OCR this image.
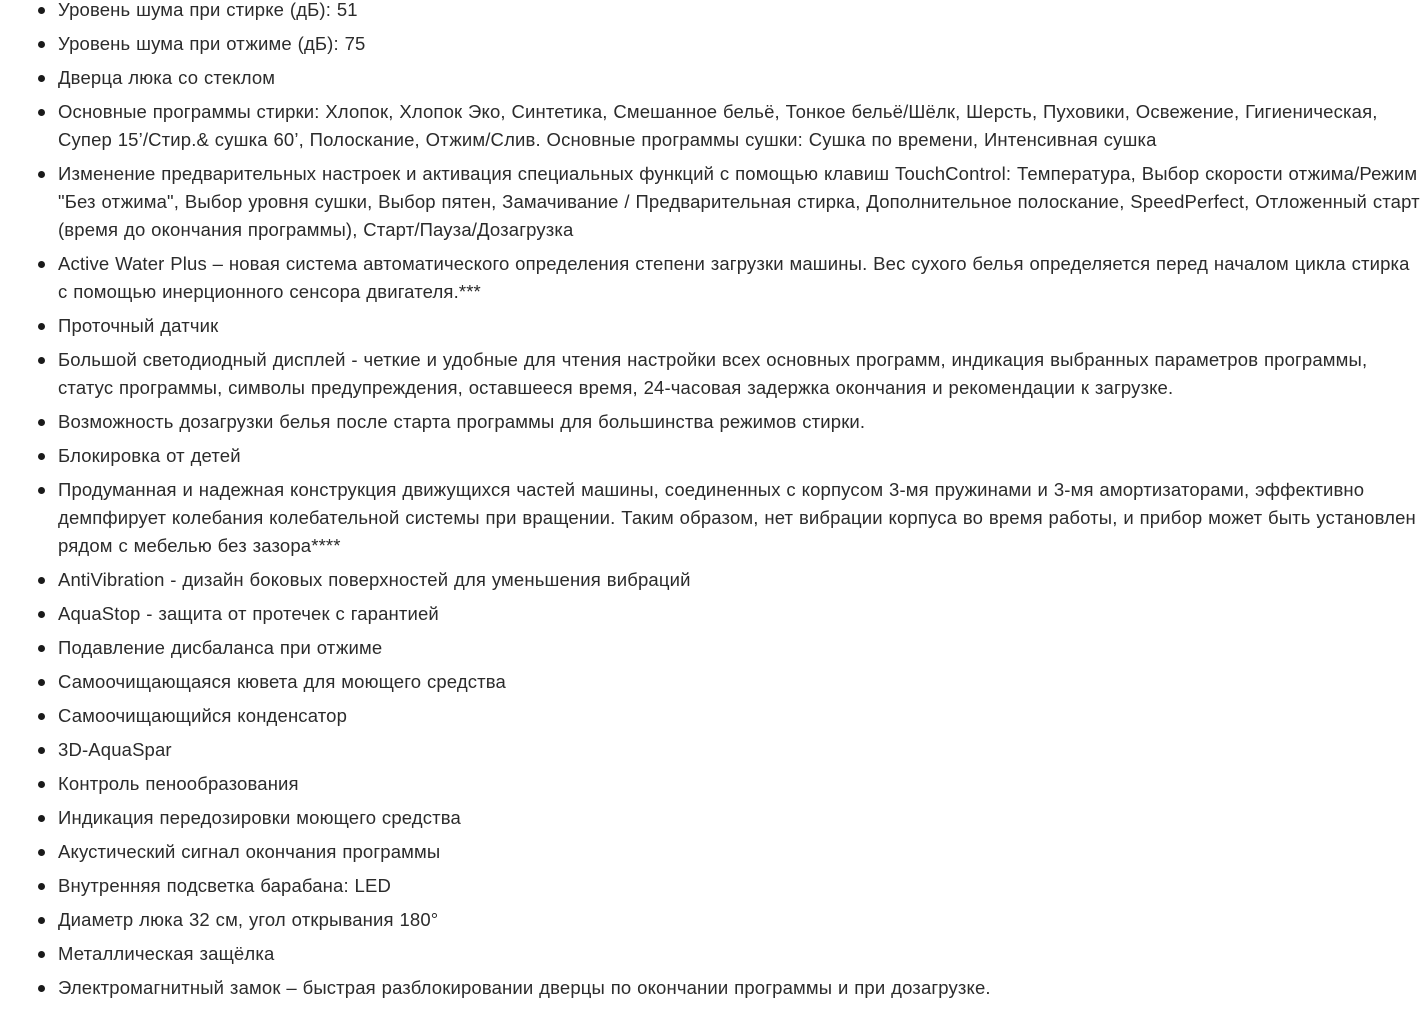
Уровень шума при стирке (дБ): 51
Уровень шума при отжиме (дБ): 75
Дверца люка со стеклом
Основные программы стирки: Хлопок, Хлопок Эко, Синтетика, Смешанное бельё, Тонкое бельё/Шёлк, Шерсть, Пуховики, Освежение, Гигиеническая, Супер 15’/Стир.& сушка 60’, Полоскание, Отжим/Слив. Основные программы сушки: Сушка по времени, Интенсивная сушка
Изменение предварительных настроек и активация специальных функций с помощью клавиш TouchControl: Температура, Выбор скорости отжима/Режим "Без отжима", Выбор уровня сушки, Выбор пятен, Замачивание / Предварительная стирка, Дополнительное полоскание, SpeedPerfect, Отложенный старт (время до окончания программы), Старт/Пауза/Дозагрузка
Active Water Plus – новая система автоматического определения степени загрузки машины. Вес сухого белья определяется перед началом цикла стирка с помощью инерционного сенсора двигателя.***
Проточный датчик
Большой светодиодный дисплей - четкие и удобные для чтения настройки всех основных программ, индикация выбранных параметров программы, статус программы, символы предупреждения, оставшееся время, 24-часовая задержка окончания и рекомендации к загрузке.
Возможность дозагрузки белья после старта программы для большинства режимов стирки.
Блокировка от детей
Продуманная и надежная конструкция движущихся частей машины, соединенных с корпусом 3-мя пружинами и 3-мя амортизаторами, эффективно демпфирует колебания колебательной системы при вращении. Таким образом, нет вибрации корпуса во время работы, и прибор может быть установлен рядом с мебелью без зазора****
AntiVibration - дизайн боковых поверхностей для уменьшения вибраций
AquaStop - защита от протечек с гарантией
Подавление дисбаланса при отжиме
Самоочищающаяся кювета для моющего средства
Самоочищающийся конденсатор
3D-AquaSpar
Контроль пенообразования
Индикация передозировки моющего средства
Акустический сигнал окончания программы
Внутренняя подсветка барабана: LED
Диаметр люка 32 см, угол открывания 180°
Металлическая защёлка
Электромагнитный замок – быстрая разблокировании дверцы по окончании программы и при дозагрузке.
